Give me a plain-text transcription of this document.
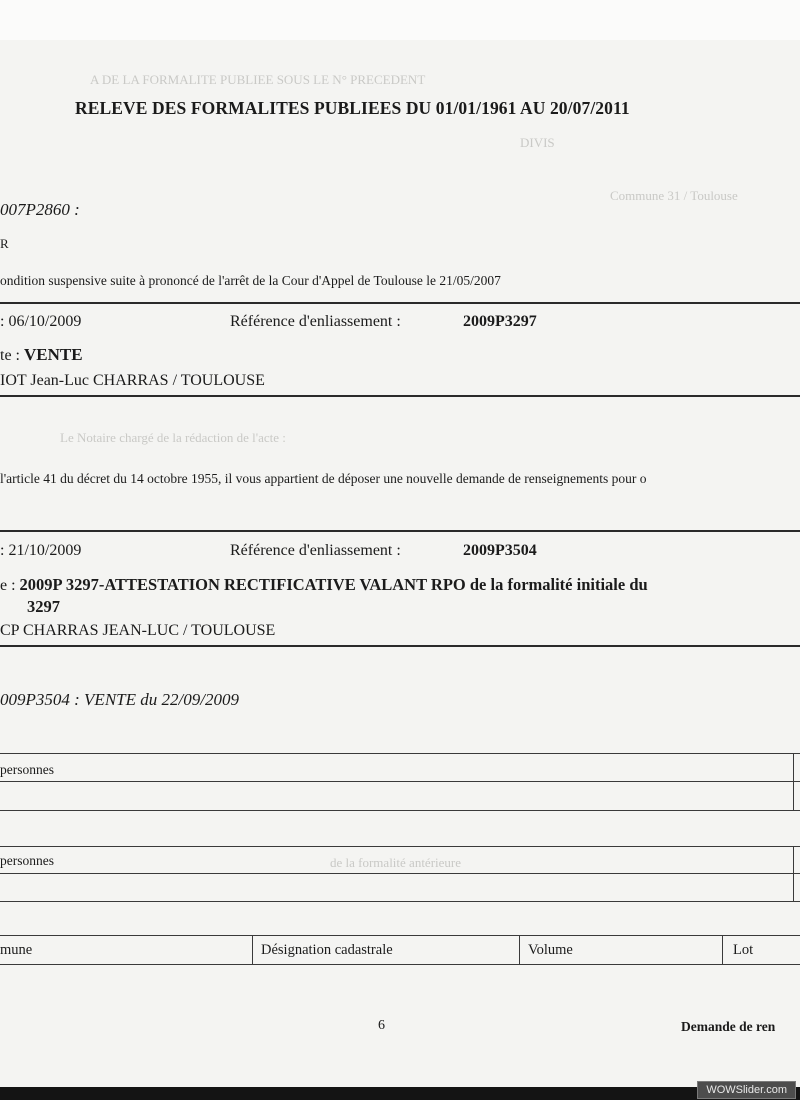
A DE LA FORMALITE PUBLIEE SOUS LE N° PRECEDENT
DIVIS
Commune 31 / Toulouse
Le Notaire chargé de la rédaction de l'acte :
de la formalité antérieure
RELEVE DES FORMALITES PUBLIEES DU 01/01/1961 AU 20/07/2011
007P2860 :
R
ondition suspensive suite à prononcé de l'arrêt de la Cour d'Appel de Toulouse le 21/05/2007
: 06/10/2009	Référence d'enliassement :	2009P3297
te : VENTE
IOT Jean-Luc CHARRAS / TOULOUSE
l'article 41 du décret du 14 octobre 1955, il vous appartient de déposer une nouvelle demande de renseignements pour o
: 21/10/2009	Référence d'enliassement :	2009P3504
e : 2009P 3297-ATTESTATION RECTIFICATIVE VALANT RPO de la formalité initiale du
3297
CP CHARRAS JEAN-LUC / TOULOUSE
009P3504 : VENTE du 22/09/2009
personnes
personnes
mune	Désignation cadastrale	Volume	Lot
6	Demande de ren
WOWSlider.com
